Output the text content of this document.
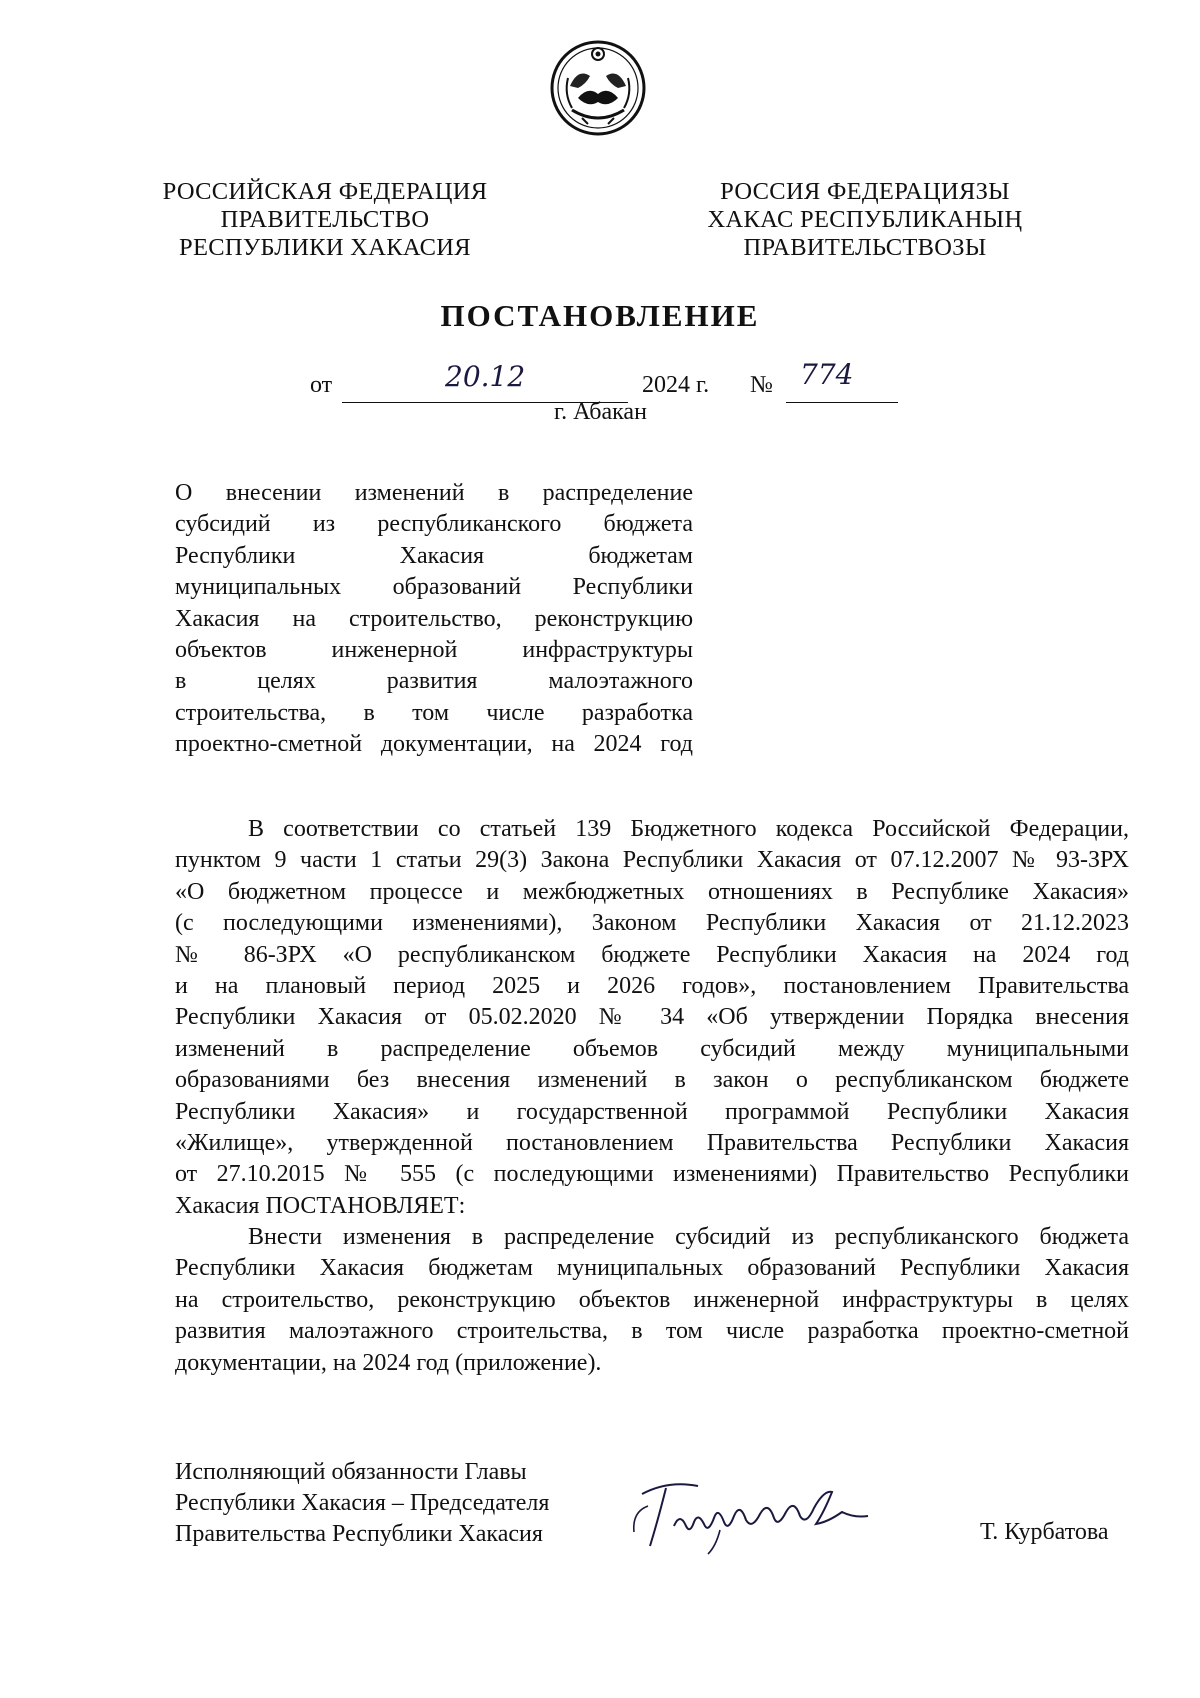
РОССИЙСКАЯ ФЕДЕРАЦИЯ
ПРАВИТЕЛЬСТВО
РЕСПУБЛИКИ ХАКАСИЯ
РОССИЯ ФЕДЕРАЦИЯЗЫ
ХАКАС РЕСПУБЛИКАНЫҢ
ПРАВИТЕЛЬСТВОЗЫ
ПОСТАНОВЛЕНИЕ
от	20.12	2024 г. № 774
г. Абакан
О внесении изменений в распределение
субсидий из республиканского бюджета
Республики Хакасия бюджетам
муниципальных образований Республики
Хакасия на строительство, реконструкцию
объектов инженерной инфраструктуры
в целях развития малоэтажного
строительства, в том числе разработка
проектно-сметной документации, на 2024 год
В соответствии со статьей 139 Бюджетного кодекса Российской Федерации,
пунктом 9 части 1 статьи 29(3) Закона Республики Хакасия от 07.12.2007 № 93-ЗРХ
«О бюджетном процессе и межбюджетных отношениях в Республике Хакасия»
(с последующими изменениями), Законом Республики Хакасия от 21.12.2023
№ 86-ЗРХ «О республиканском бюджете Республики Хакасия на 2024 год
и на плановый период 2025 и 2026 годов», постановлением Правительства
Республики Хакасия от 05.02.2020 № 34 «Об утверждении Порядка внесения
изменений в распределение объемов субсидий между муниципальными
образованиями без внесения изменений в закон о республиканском бюджете
Республики Хакасия» и государственной программой Республики Хакасия
«Жилище», утвержденной постановлением Правительства Республики Хакасия
от 27.10.2015 № 555 (с последующими изменениями) Правительство Республики
Хакасия ПОСТАНОВЛЯЕТ:
Внести изменения в распределение субсидий из республиканского бюджета
Республики Хакасия бюджетам муниципальных образований Республики Хакасия
на строительство, реконструкцию объектов инженерной инфраструктуры в целях
развития малоэтажного строительства, в том числе разработка проектно-сметной
документации, на 2024 год (приложение).
Исполняющий обязанности Главы
Республики Хакасия – Председателя
Правительства Республики Хакасия	Т. Курбатова
